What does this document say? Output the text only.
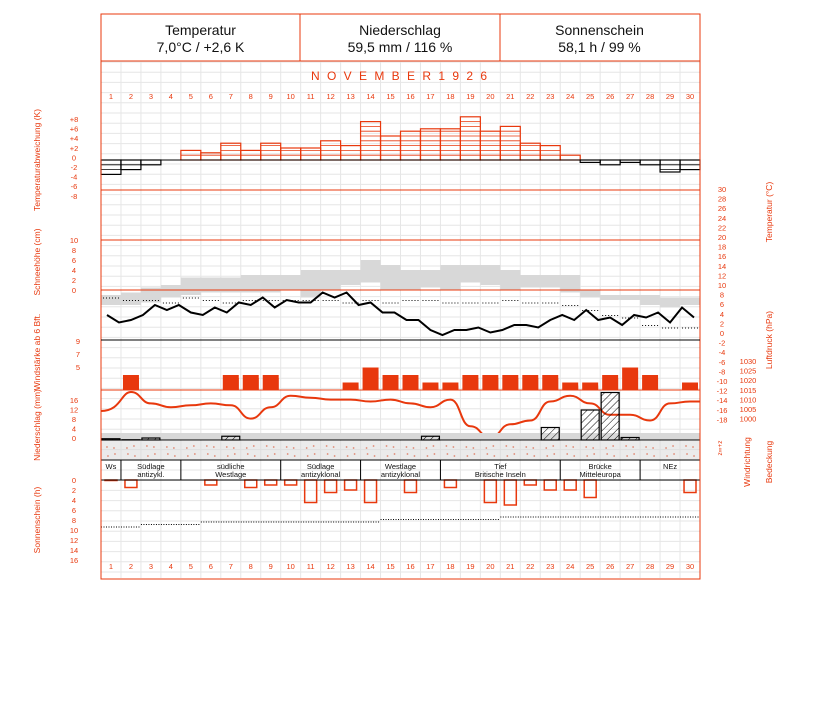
Temperatur
7,0°C / +2,6 K
Niederschlag
59,5 mm / 116 %
Sonnenschein
58,1 h / 99 %
Ws	Südlage
antizykl.
südliche
Westlage
Südlage
antizyklonal
Westlage
antizyklonal
Tief
Britische Inseln
Brücke
Mitteleuropa
NEz
N O V E M B E R 1 9 2 6
1
1
2
2
3
3
4
4
5
5
6
6
7
7
8
8
9
9
10
10
11
11
12
12
13
13
14
14
15
15
16
16
17
17
18
18
19
19
20
20
21
21
22
22
23
23
24
24
25
25
26
26
27
27
28
28
29
29
30
30
+8
+6
+4
+2
0
-2
-4
-6
-8
10
8
6
4
2
0
9
7
5
16
12
8
4
0
0
2
4
6
8
10
12
14
16
30
28
26
24
22
20
18
16
14
12
10
8
6
4
2
0
-2
-4
-6
-8
-10
-12
-14
-16
-18
1030
1025
1020
1015
1010
1005
1000
z∞+z
Temperaturabweichung (K)
Schneehöhe (cm)
Windstärke ab 6 Bft.
Niederschlag (mm)
Sonnenschein (h)
Temperatur (°C)
Luftdruck (hPa)
Windrichtung Bedeckung
